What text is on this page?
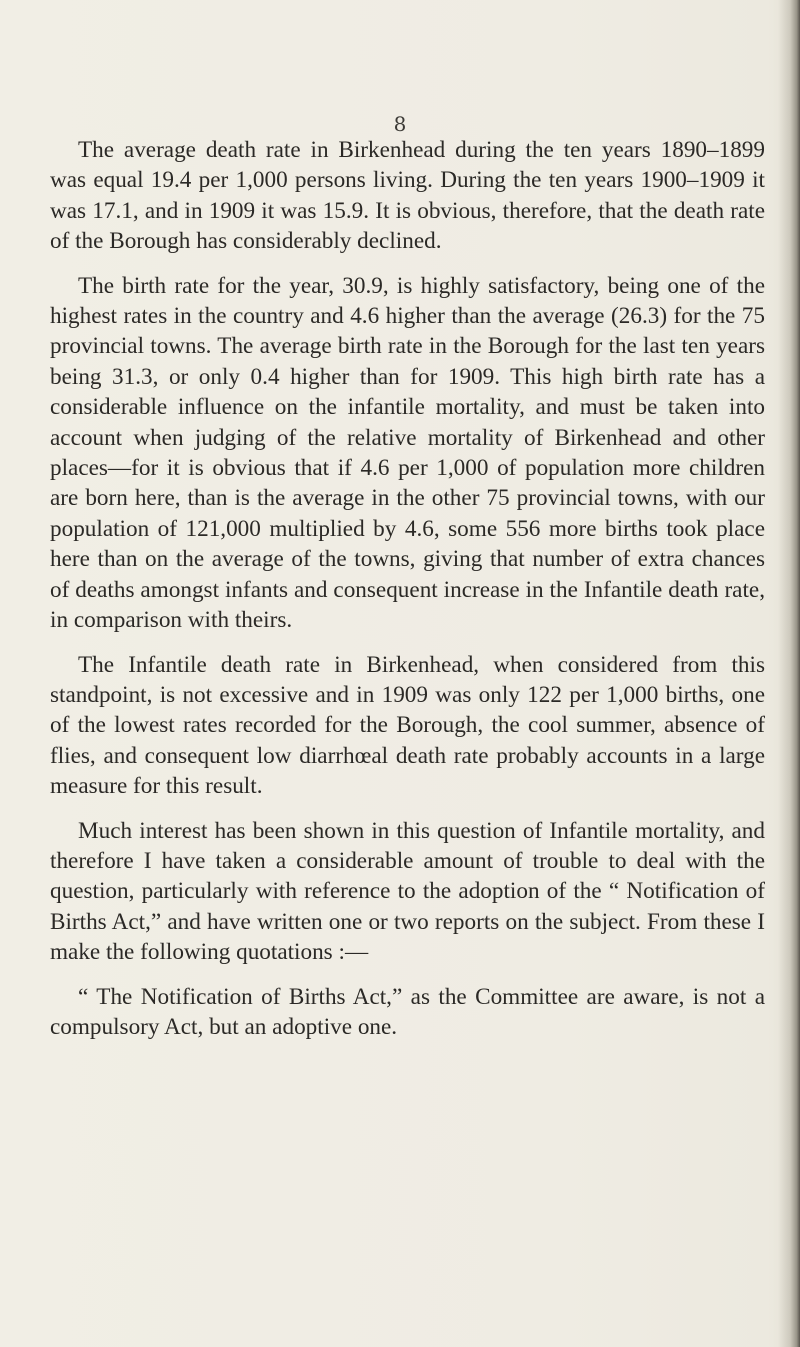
8

The average death rate in Birkenhead during the ten years 1890–1899 was equal 19.4 per 1,000 persons living. During the ten years 1900–1909 it was 17.1, and in 1909 it was 15.9. It is obvious, therefore, that the death rate of the Borough has considerably declined.

The birth rate for the year, 30.9, is highly satisfactory, being one of the highest rates in the country and 4.6 higher than the average (26.3) for the 75 provincial towns. The average birth rate in the Borough for the last ten years being 31.3, or only 0.4 higher than for 1909. This high birth rate has a considerable influence on the infantile mortality, and must be taken into account when judging of the relative mortality of Birkenhead and other places—for it is obvious that if 4.6 per 1,000 of population more children are born here, than is the average in the other 75 provincial towns, with our population of 121,000 multiplied by 4.6, some 556 more births took place here than on the average of the towns, giving that number of extra chances of deaths amongst infants and consequent increase in the Infantile death rate, in comparison with theirs.

The Infantile death rate in Birkenhead, when considered from this standpoint, is not excessive and in 1909 was only 122 per 1,000 births, one of the lowest rates recorded for the Borough, the cool summer, absence of flies, and consequent low diarrhœal death rate probably accounts in a large measure for this result.

Much interest has been shown in this question of Infantile mortality, and therefore I have taken a considerable amount of trouble to deal with the question, particularly with reference to the adoption of the “ Notification of Births Act,” and have written one or two reports on the subject. From these I make the following quotations :—

“ The Notification of Births Act,” as the Committee are aware, is not a compulsory Act, but an adoptive one.
